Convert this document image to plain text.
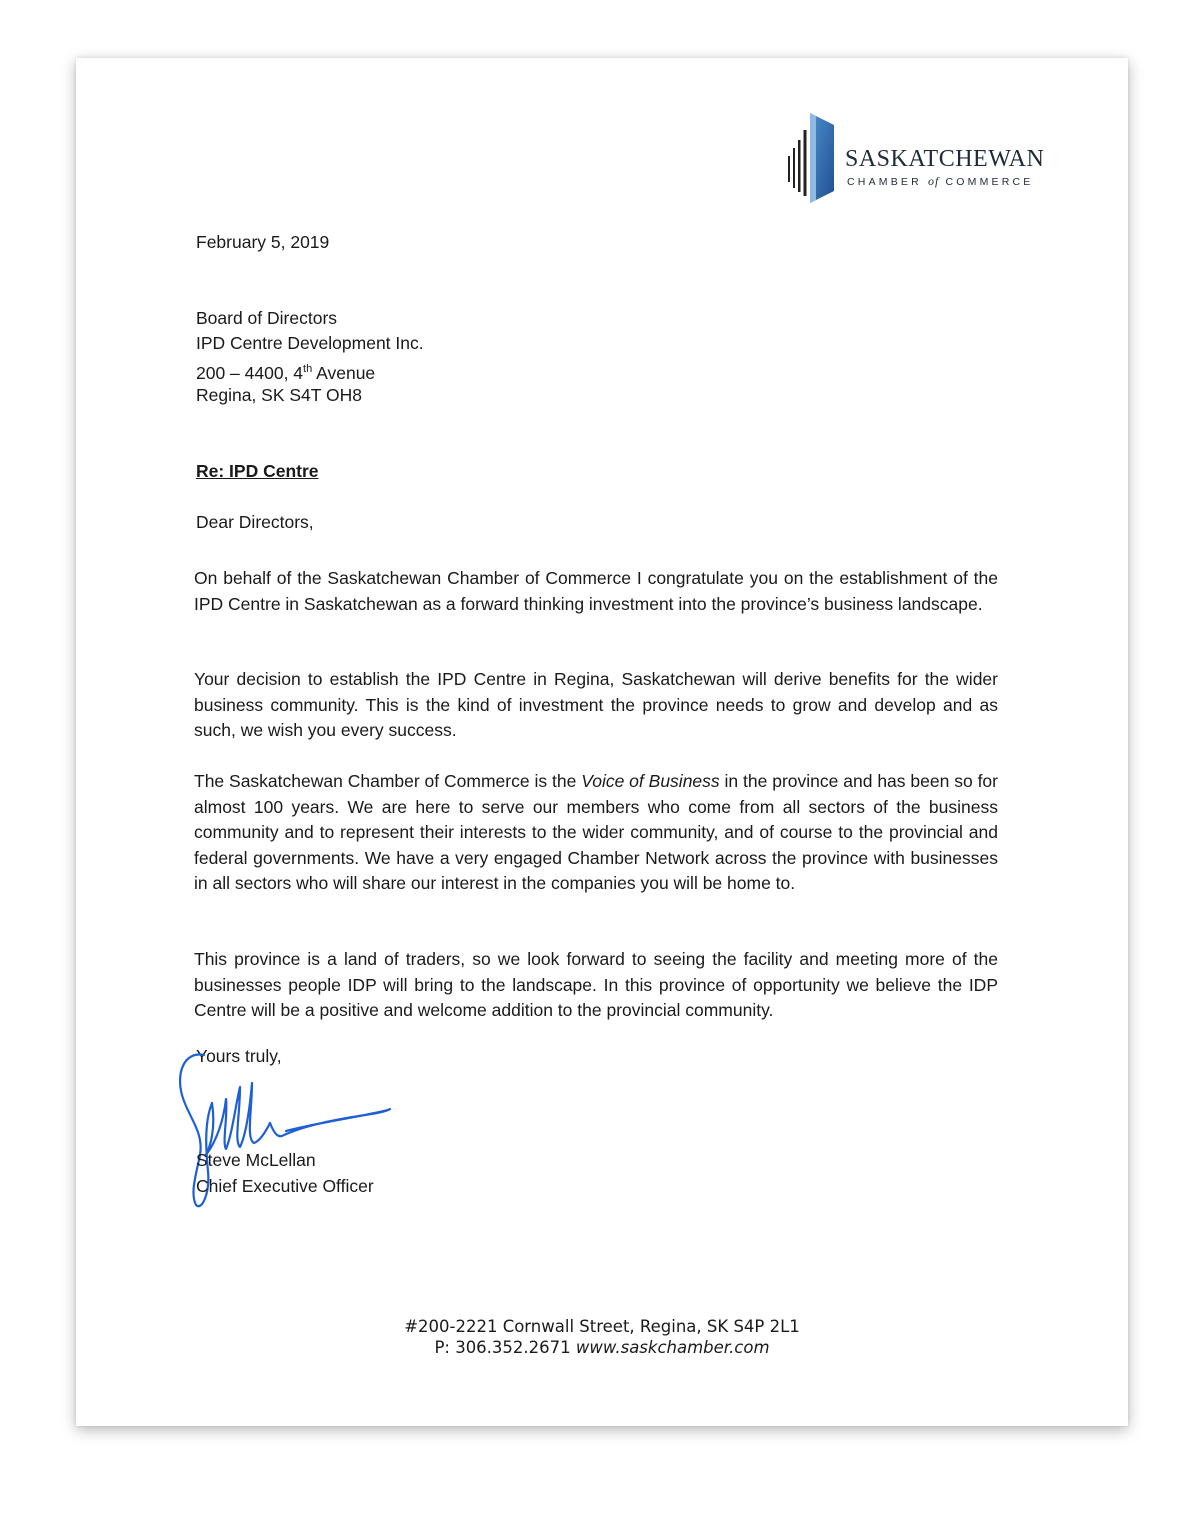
SASKATCHEWAN
CHAMBER of COMMERCE
February 5, 2019
Board of Directors
IPD Centre Development Inc.
200 – 4400, 4th Avenue
Regina, SK S4T OH8
Re: IPD Centre
Dear Directors,
On behalf of the Saskatchewan Chamber of Commerce I congratulate you on the establishment of the IPD Centre in Saskatchewan as a forward thinking investment into the province’s business landscape.
Your decision to establish the IPD Centre in Regina, Saskatchewan will derive benefits for the wider business community. This is the kind of investment the province needs to grow and develop and as such, we wish you every success.
The Saskatchewan Chamber of Commerce is the Voice of Business in the province and has been so for almost 100 years. We are here to serve our members who come from all sectors of the business community and to represent their interests to the wider community, and of course to the provincial and federal governments. We have a very engaged Chamber Network across the province with businesses in all sectors who will share our interest in the companies you will be home to.
This province is a land of traders, so we look forward to seeing the facility and meeting more of the businesses people IDP will bring to the landscape. In this province of opportunity we believe the IDP Centre will be a positive and welcome addition to the provincial community.
Yours truly,
Steve McLellan
Chief Executive Officer
#200-2221 Cornwall Street, Regina, SK S4P 2L1
P: 306.352.2671 www.saskchamber.com
